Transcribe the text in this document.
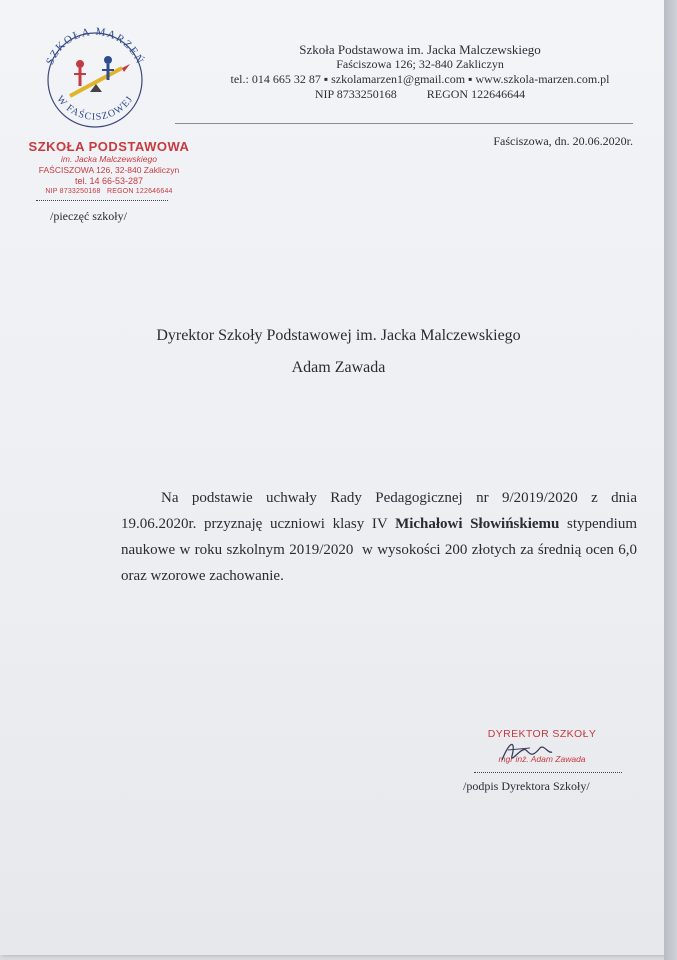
SZKOŁA MARZEŃ
W FAŚCISZOWEJ
Szkoła Podstawowa im. Jacka Malczewskiego
Faściszowa 126; 32-840 Zakliczyn
tel.: 014 665 32 87 ▪ szkolamarzen1@gmail.com ▪ www.szkola-marzen.com.pl
NIP 8733250168          REGON 122646644
Faściszowa, dn. 20.06.2020r.
SZKOŁA PODSTAWOWA
im. Jacka Malczewskiego
FAŚCISZOWA 126, 32-840 Zakliczyn
tel. 14 66-53-287
NIP 8733250168   REGON 122646644
/pieczęć szkoły/
Dyrektor Szkoły Podstawowej im. Jacka Malczewskiego
Adam Zawada

Na podstawie uchwały Rady Pedagogicznej nr 9/2019/2020 z dnia 19.06.2020r. przyznaję uczniowi klasy IV Michałowi Słowińskiemu stypendium naukowe w roku szkolnym 2019/2020  w wysokości 200 złotych za średnią ocen 6,0 oraz wzorowe zachowanie.

DYREKTOR SZKOŁY
mgr inż. Adam Zawada
/podpis Dyrektora Szkoły/
